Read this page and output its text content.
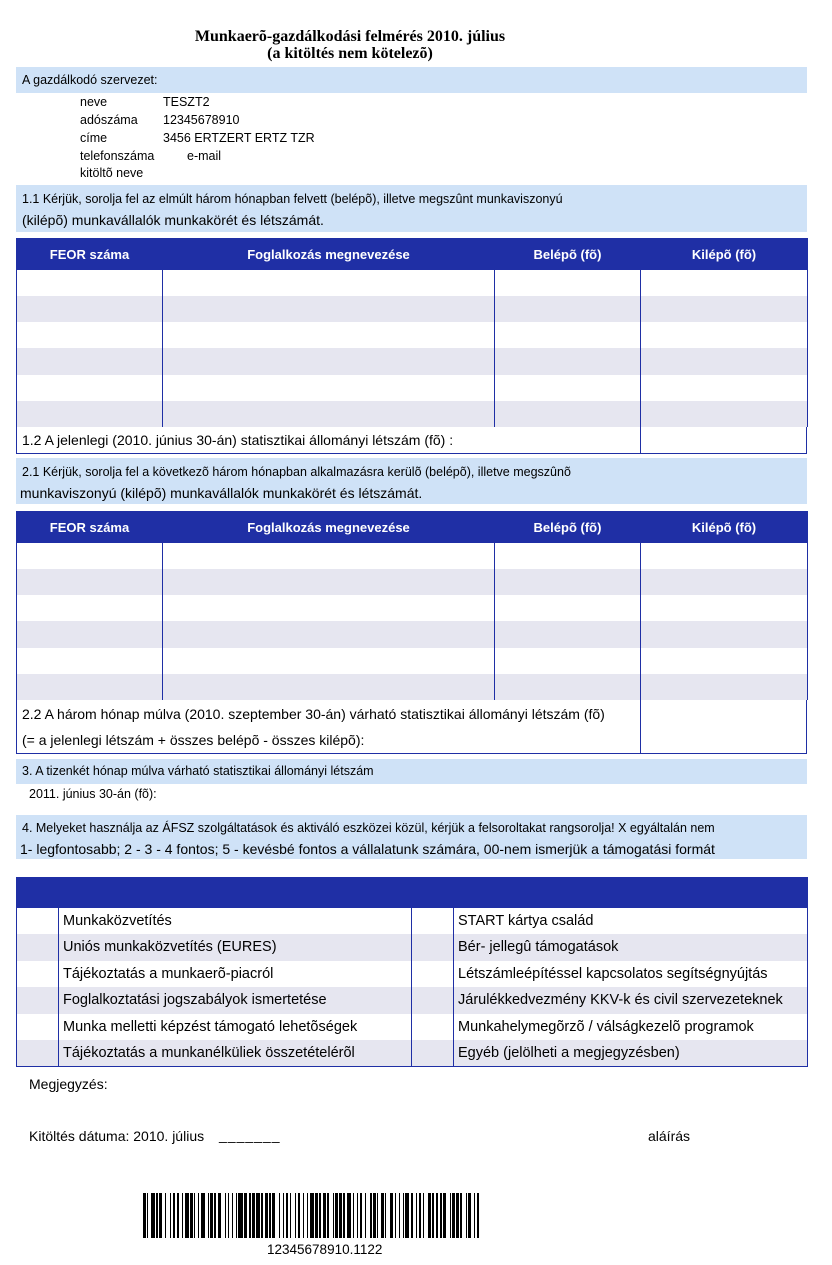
Munkaerõ-gazdálkodási felmérés 2010. július
(a kitöltés nem kötelezõ)
A gazdálkodó szervezet:
neve	TESZT2
adószáma 12345678910
címe	3456 ERTZERT ERTZ TZR
telefonszáma	e-mail
kitöltõ neve
1.1 Kérjük, sorolja fel az elmúlt három hónapban felvett (belépõ), illetve megszûnt munkaviszonyú
(kilépõ) munkavállalók munkakörét és létszámát.
FEOR száma	Foglalkozás megnevezése	Belépõ (fõ)	Kilépõ (fõ)

1.2 A jelenlegi (2010. június 30-án) statisztikai állományi létszám (fõ) :
2.1 Kérjük, sorolja fel a következõ három hónapban alkalmazásra kerülõ (belépõ), illetve megszûnõ
munkaviszonyú (kilépõ) munkavállalók munkakörét és létszámát.
FEOR száma	Foglalkozás megnevezése	Belépõ (fõ)	Kilépõ (fõ)

2.2 A három hónap múlva (2010. szeptember 30-án) várható statisztikai állományi létszám (fõ)
(= a jelenlegi létszám + összes belépõ - összes kilépõ):
3. A tizenkét hónap múlva várható statisztikai állományi létszám
2011. június 30-án (fõ):
4. Melyeket használja az ÁFSZ szolgáltatások és aktiváló eszközei közül, kérjük a felsoroltakat rangsorolja! X egyáltalán nem
1- legfontosabb; 2 - 3 - 4 fontos; 5 - kevésbé fontos a vállalatunk számára, 00-nem ismerjük a támogatási formát

	Munkaközvetítés		START kártya család
	Uniós munkaközvetítés (EURES)		Bér- jellegû támogatások
	Tájékoztatás a munkaerõ-piacról		Létszámleépítéssel kapcsolatos segítségnyújtás
	Foglalkoztatási jogszabályok ismertetése		Járulékkedvezmény KKV-k és civil szervezeteknek
	Munka melletti képzést támogató lehetõségek		Munkahelymegõrzõ / válságkezelõ programok
	Tájékoztatás a munkanélküliek összetételérõl		Egyéb (jelölheti a megjegyzésben)
Megjegyzés:
Kitöltés dátuma: 2010. július _______	aláírás
12345678910.1122
